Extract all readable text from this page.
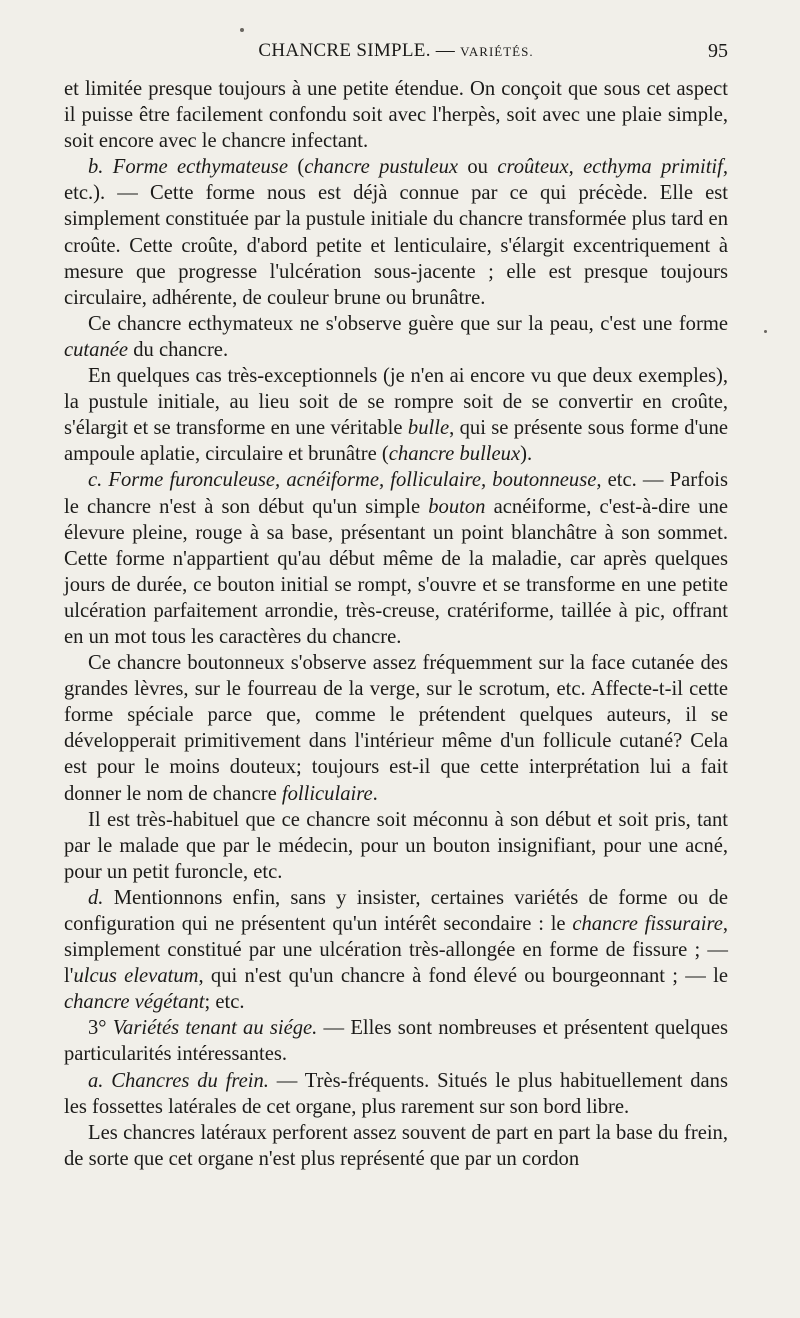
CHANCRE SIMPLE. — VARIÉTÉS.	95

et limitée presque toujours à une petite étendue. On conçoit que sous cet aspect il puisse être facilement confondu soit avec l'herpès, soit avec une plaie simple, soit encore avec le chancre infectant.

b. Forme ecthymateuse (chancre pustuleux ou croûteux, ecthyma primitif, etc.). — Cette forme nous est déjà connue par ce qui précède. Elle est simplement constituée par la pustule initiale du chancre transformée plus tard en croûte. Cette croûte, d'abord petite et lenticulaire, s'élargit excentriquement à mesure que progresse l'ulcération sous-jacente ; elle est presque toujours circulaire, adhérente, de couleur brune ou brunâtre.

Ce chancre ecthymateux ne s'observe guère que sur la peau, c'est une forme cutanée du chancre.

En quelques cas très-exceptionnels (je n'en ai encore vu que deux exemples), la pustule initiale, au lieu soit de se rompre soit de se convertir en croûte, s'élargit et se transforme en une véritable bulle, qui se présente sous forme d'une ampoule aplatie, circulaire et brunâtre (chancre bulleux).

c. Forme furonculeuse, acnéiforme, folliculaire, boutonneuse, etc. — Parfois le chancre n'est à son début qu'un simple bouton acnéiforme, c'est-à-dire une élevure pleine, rouge à sa base, présentant un point blanchâtre à son sommet. Cette forme n'appartient qu'au début même de la maladie, car après quelques jours de durée, ce bouton initial se rompt, s'ouvre et se transforme en une petite ulcération parfaitement arrondie, très-creuse, cratériforme, taillée à pic, offrant en un mot tous les caractères du chancre.

Ce chancre boutonneux s'observe assez fréquemment sur la face cutanée des grandes lèvres, sur le fourreau de la verge, sur le scrotum, etc. Affecte-t-il cette forme spéciale parce que, comme le prétendent quelques auteurs, il se développerait primitivement dans l'intérieur même d'un follicule cutané? Cela est pour le moins douteux; toujours est-il que cette interprétation lui a fait donner le nom de chancre folliculaire.

Il est très-habituel que ce chancre soit méconnu à son début et soit pris, tant par le malade que par le médecin, pour un bouton insignifiant, pour une acné, pour un petit furoncle, etc.

d. Mentionnons enfin, sans y insister, certaines variétés de forme ou de configuration qui ne présentent qu'un intérêt secondaire : le chancre fissuraire, simplement constitué par une ulcération très-allongée en forme de fissure ; — l'ulcus elevatum, qui n'est qu'un chancre à fond élevé ou bourgeonnant ; — le chancre végétant; etc.

3° Variétés tenant au siége. — Elles sont nombreuses et présentent quelques particularités intéressantes.

a. Chancres du frein. — Très-fréquents. Situés le plus habituellement dans les fossettes latérales de cet organe, plus rarement sur son bord libre.

Les chancres latéraux perforent assez souvent de part en part la base du frein, de sorte que cet organe n'est plus représenté que par un cordon
